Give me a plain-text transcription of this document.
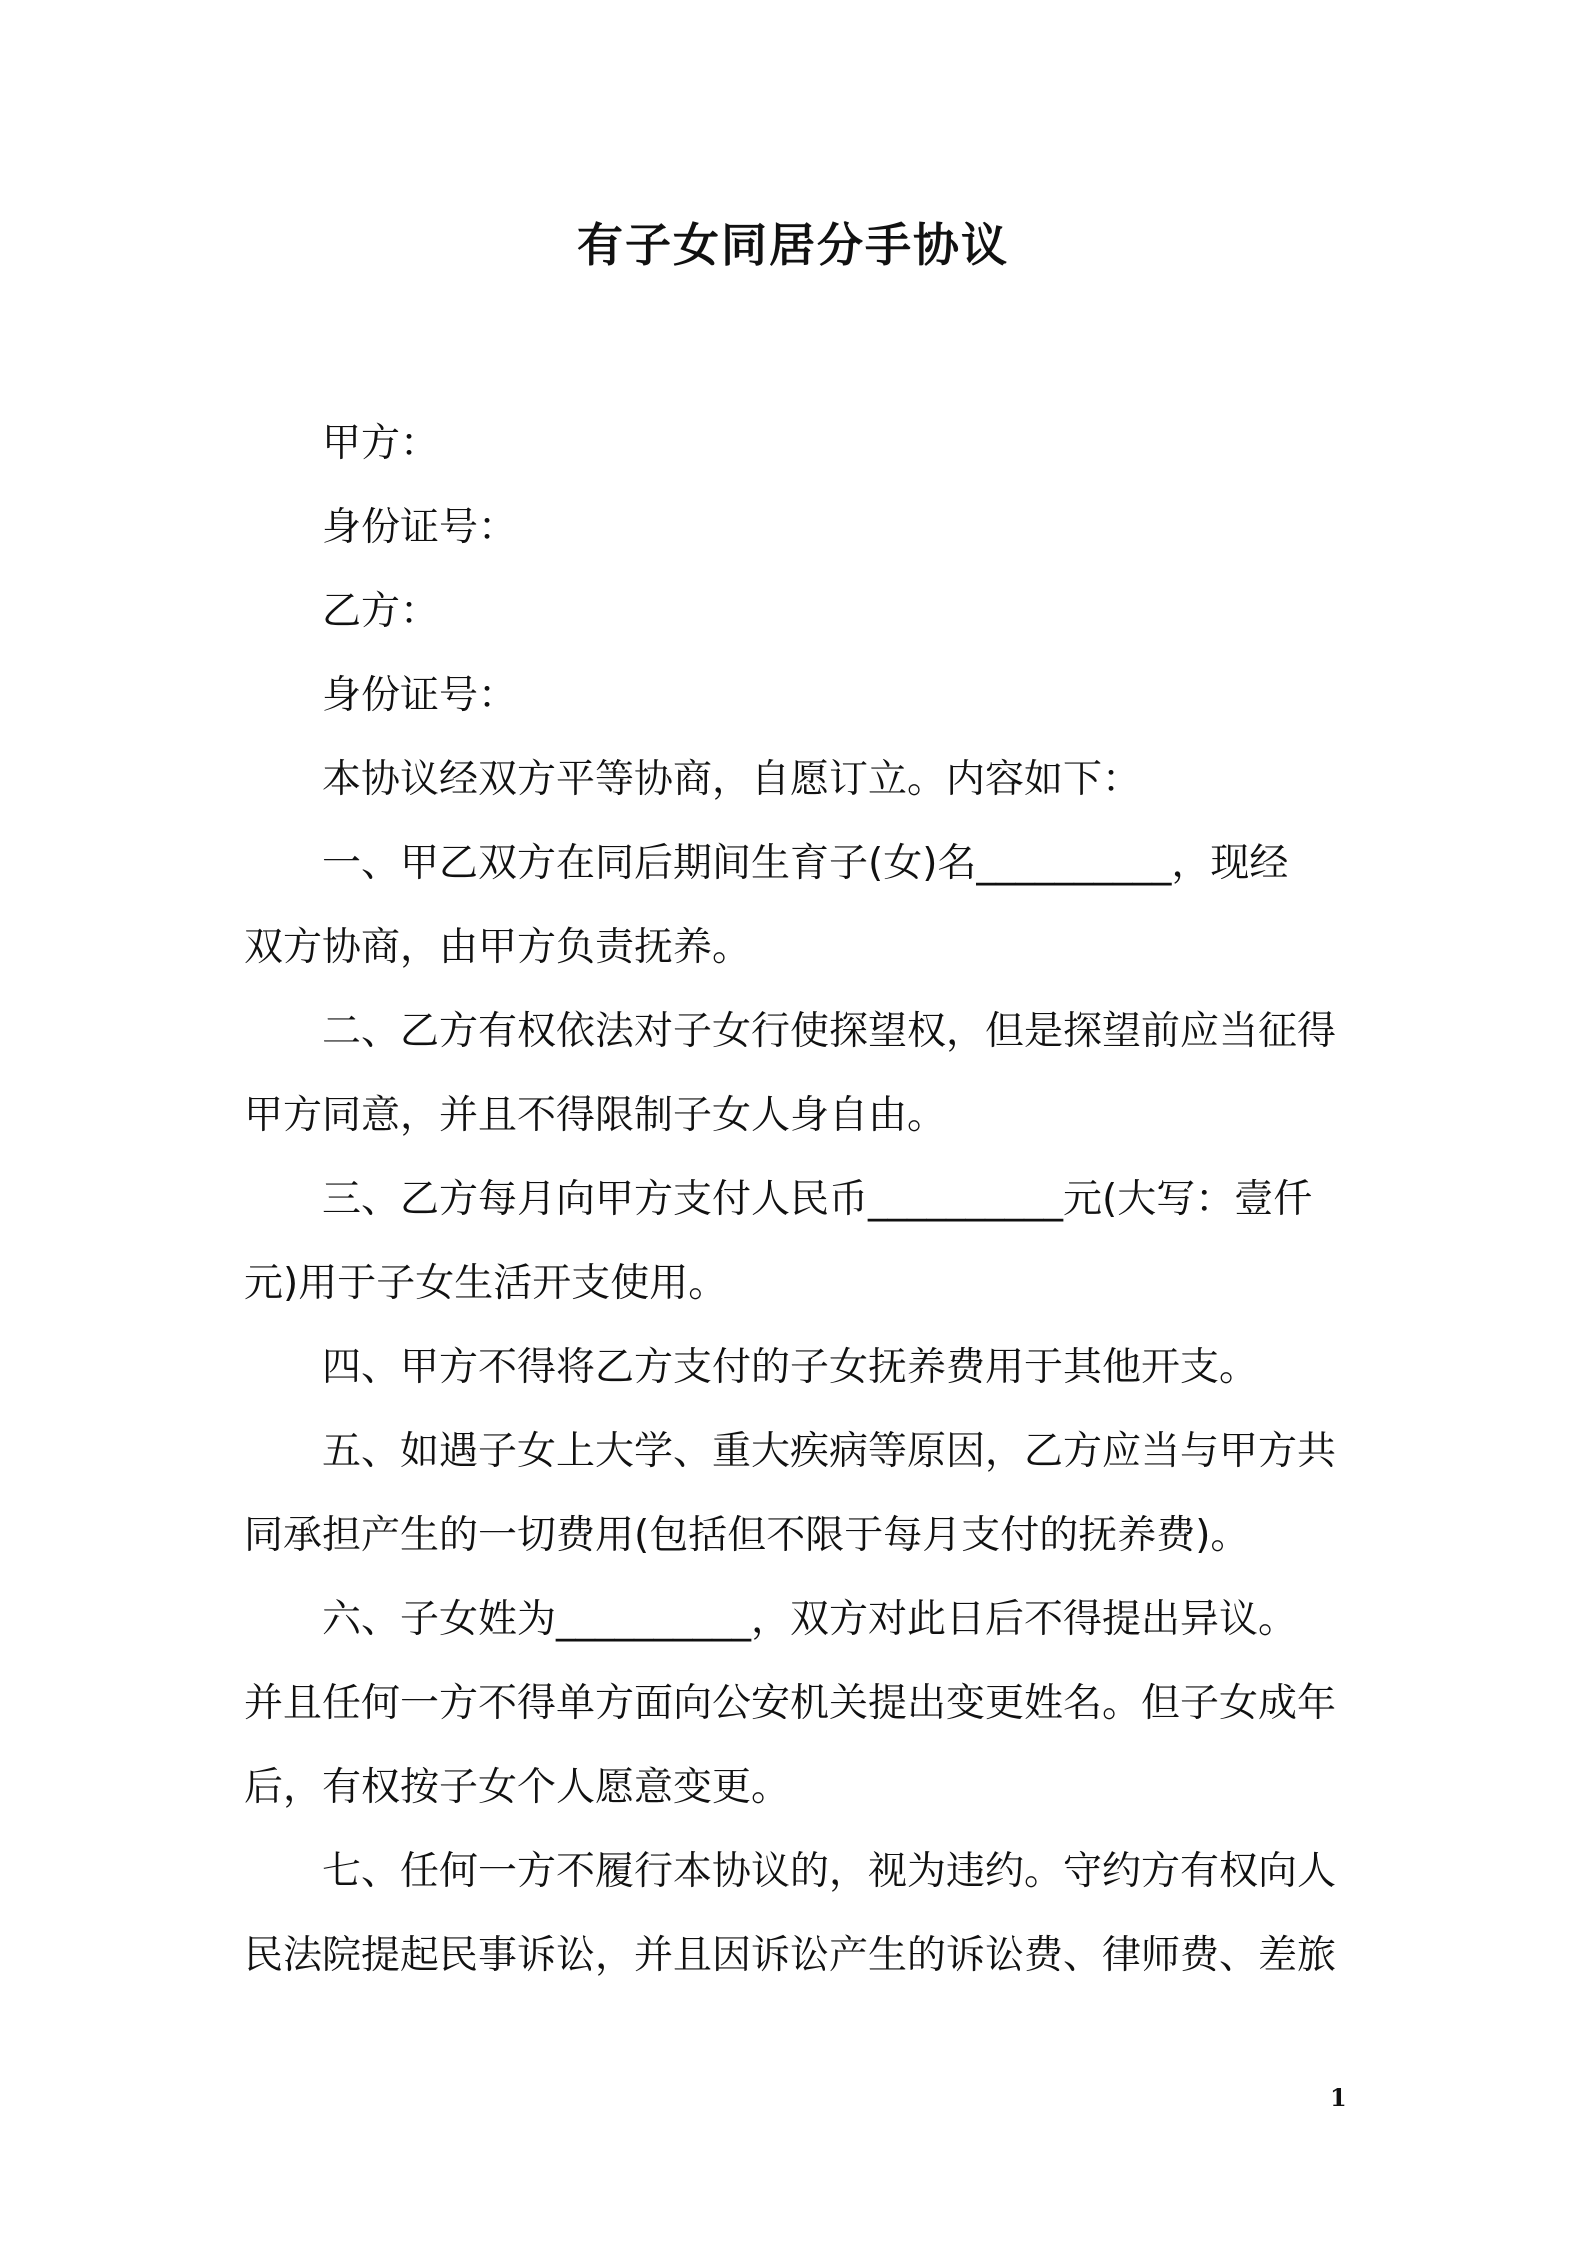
有子女同居分手协议

甲方：

身份证号：

乙方：

身份证号：

本协议经双方平等协商，自愿订立。内容如下：

一、甲乙双方在同后期间生育子(女)名__________，现经

双方协商，由甲方负责抚养。

二、乙方有权依法对子女行使探望权，但是探望前应当征得

甲方同意，并且不得限制子女人身自由。

三、乙方每月向甲方支付人民币__________元(大写：壹仟

元)用于子女生活开支使用。

四、甲方不得将乙方支付的子女抚养费用于其他开支。

五、如遇子女上大学、重大疾病等原因，乙方应当与甲方共

同承担产生的一切费用(包括但不限于每月支付的抚养费)。

六、子女姓为__________，双方对此日后不得提出异议。

并且任何一方不得单方面向公安机关提出变更姓名。但子女成年

后，有权按子女个人愿意变更。

七、任何一方不履行本协议的，视为违约。守约方有权向人

民法院提起民事诉讼，并且因诉讼产生的诉讼费、律师费、差旅

1
